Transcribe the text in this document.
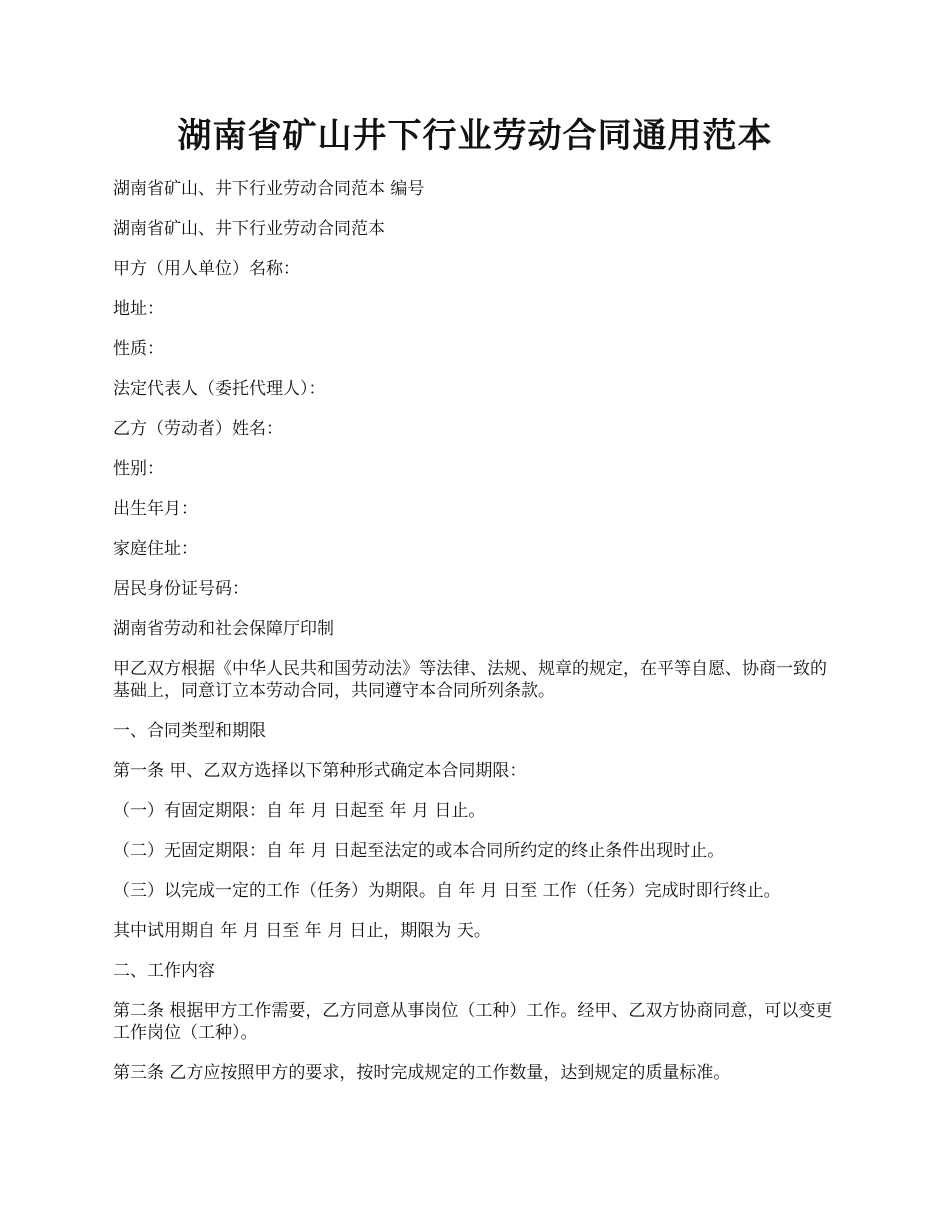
湖南省矿山井下行业劳动合同通用范本

湖南省矿山、井下行业劳动合同范本 编号

湖南省矿山、井下行业劳动合同范本

甲方（用人单位）名称：

地址：

性质：

法定代表人（委托代理人）：

乙方（劳动者）姓名：

性别：

出生年月：

家庭住址：

居民身份证号码：

湖南省劳动和社会保障厅印制

甲乙双方根据《中华人民共和国劳动法》等法律、法规、规章的规定，在平等自愿、协商一致的基础上，同意订立本劳动合同，共同遵守本合同所列条款。

一、合同类型和期限

第一条 甲、乙双方选择以下第种形式确定本合同期限：

（一）有固定期限：自 年 月 日起至 年 月 日止。

（二）无固定期限：自 年 月 日起至法定的或本合同所约定的终止条件出现时止。

（三）以完成一定的工作（任务）为期限。自 年 月 日至 工作（任务）完成时即行终止。

其中试用期自 年 月 日至 年 月 日止，期限为 天。

二、工作内容

第二条 根据甲方工作需要，乙方同意从事岗位（工种）工作。经甲、乙双方协商同意，可以变更工作岗位（工种）。

第三条 乙方应按照甲方的要求，按时完成规定的工作数量，达到规定的质量标准。
